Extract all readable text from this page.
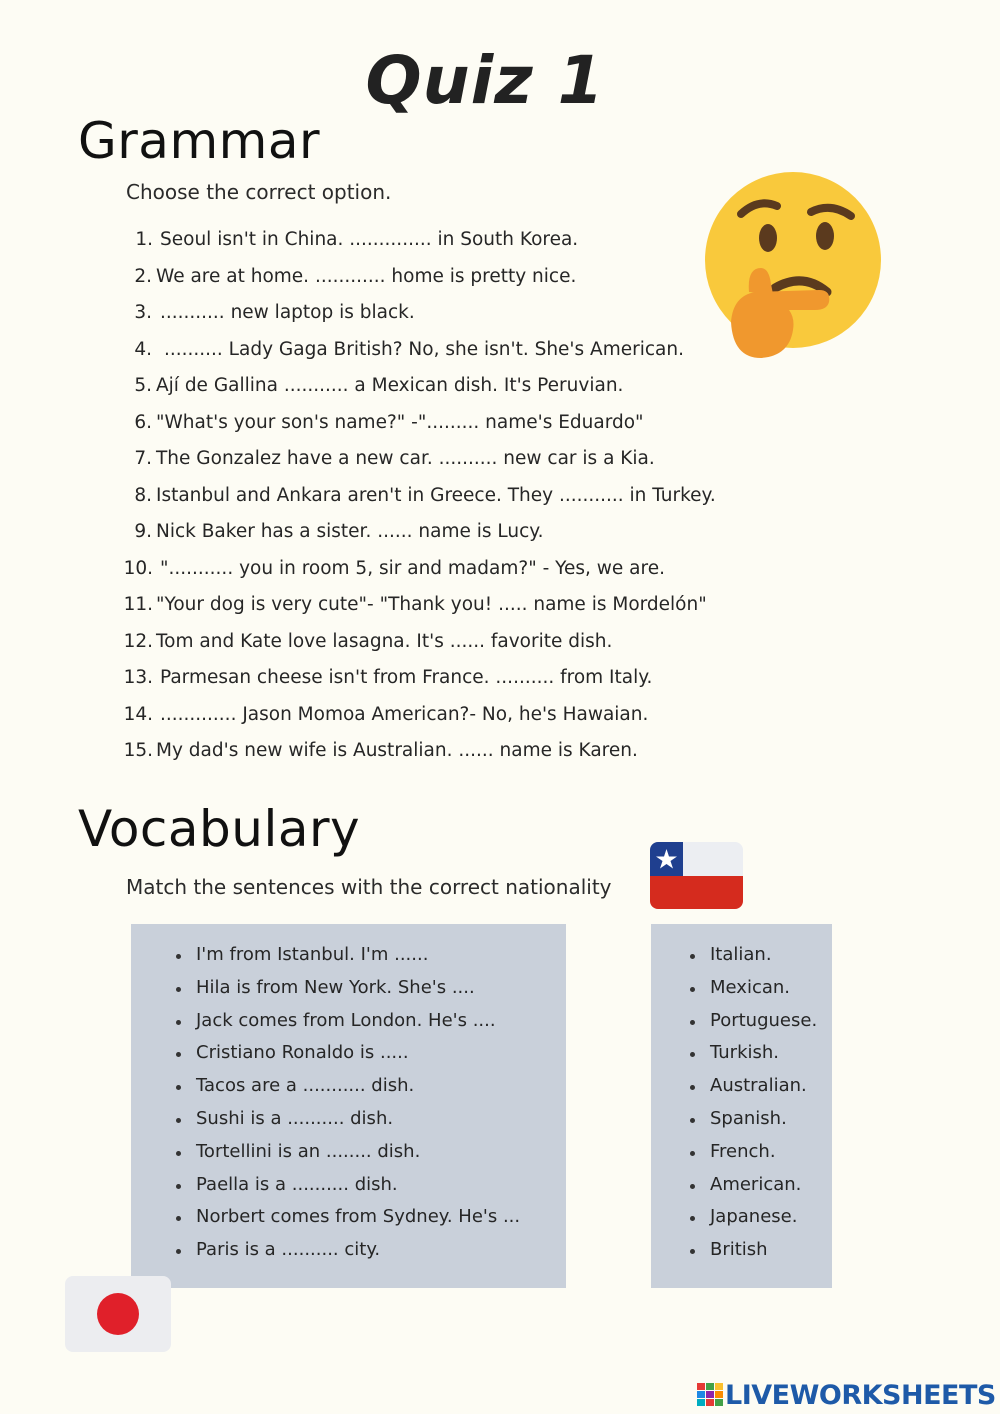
Quiz 1
Grammar
Choose the correct option.
1. Seoul isn't in China. .............. in South Korea.
2. We are at home. ............ home is pretty nice.
3. ........... new laptop is black.
4. .......... Lady Gaga British? No, she isn't. She's American.
5. Ají de Gallina ........... a Mexican dish. It's Peruvian.
6. "What's your son's name?" -"......... name's Eduardo"
7. The Gonzalez have a new car. .......... new car is a Kia.
8. Istanbul and Ankara aren't in Greece. They ........... in Turkey.
9. Nick Baker has a sister. ...... name is Lucy.
10. "........... you in room 5, sir and madam?" - Yes, we are.
11. "Your dog is very cute"- "Thank you! ..... name is Mordelón"
12. Tom and Kate love lasagna. It's ...... favorite dish.
13. Parmesan cheese isn't from France. .......... from Italy.
14. ............. Jason Momoa American?- No, he's Hawaian.
15. My dad's new wife is Australian. ...... name is Karen.
Vocabulary
Match the sentences with the correct nationality
I'm from Istanbul. I'm ......
Hila is from New York. She's ....
Jack comes from London. He's ....
Cristiano Ronaldo is .....
Tacos are a ........... dish.
Sushi is a .......... dish.
Tortellini is an ........ dish.
Paella is a .......... dish.
Norbert comes from Sydney. He's ...
Paris is a .......... city.
Italian.
Mexican.
Portuguese.
Turkish.
Australian.
Spanish.
French.
American.
Japanese.
British
LIVEWORKSHEETS
